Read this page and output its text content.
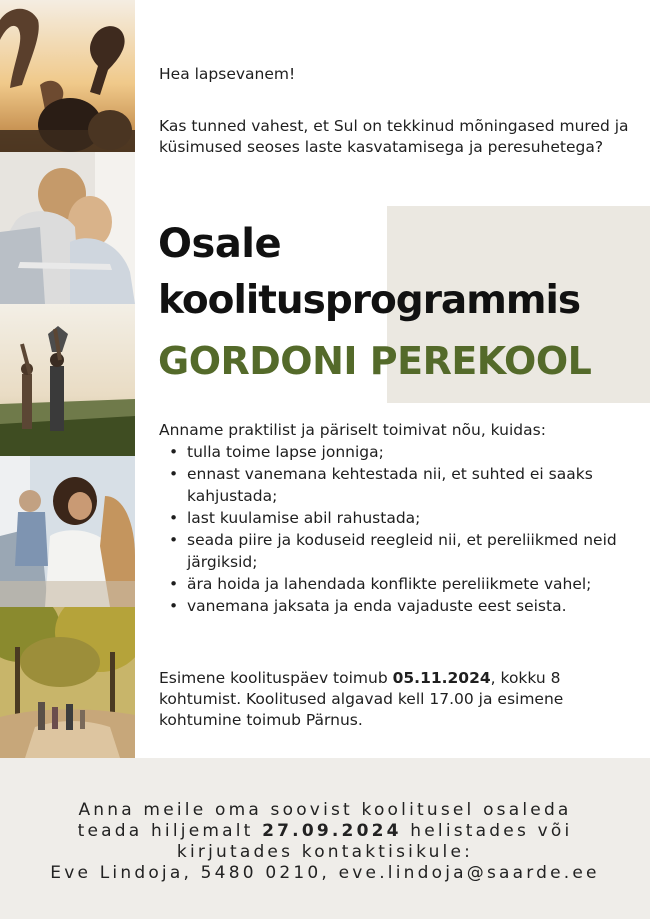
Hea lapsevanem!
Kas tunned vahest, et Sul on tekkinud mõningased mured ja küsimused seoses laste kasvatamisega ja peresuhetega?
Osale
koolitusprogrammis
GORDONI PEREKOOL
Anname praktilist ja päriselt toimivat nõu, kuidas:
• tulla toime lapse jonniga;
• ennast vanemana kehtestada nii, et suhted ei saaks kahjustada;
• last kuulamise abil rahustada;
• seada piire ja koduseid reegleid nii, et pereliikmed neid järgiksid;
• ära hoida ja lahendada konflikte pereliikmete vahel;
• vanemana jaksata ja enda vajaduste eest seista.
Esimene koolituspäev toimub 05.11.2024, kokku 8 kohtumist. Koolitused algavad kell 17.00 ja esimene kohtumine toimub Pärnus.
Anna meile oma soovist koolitusel osaleda
teada hiljemalt 27.09.2024 helistades või
kirjutades kontaktisikule:
Eve Lindoja, 5480 0210, eve.lindoja@saarde.ee
